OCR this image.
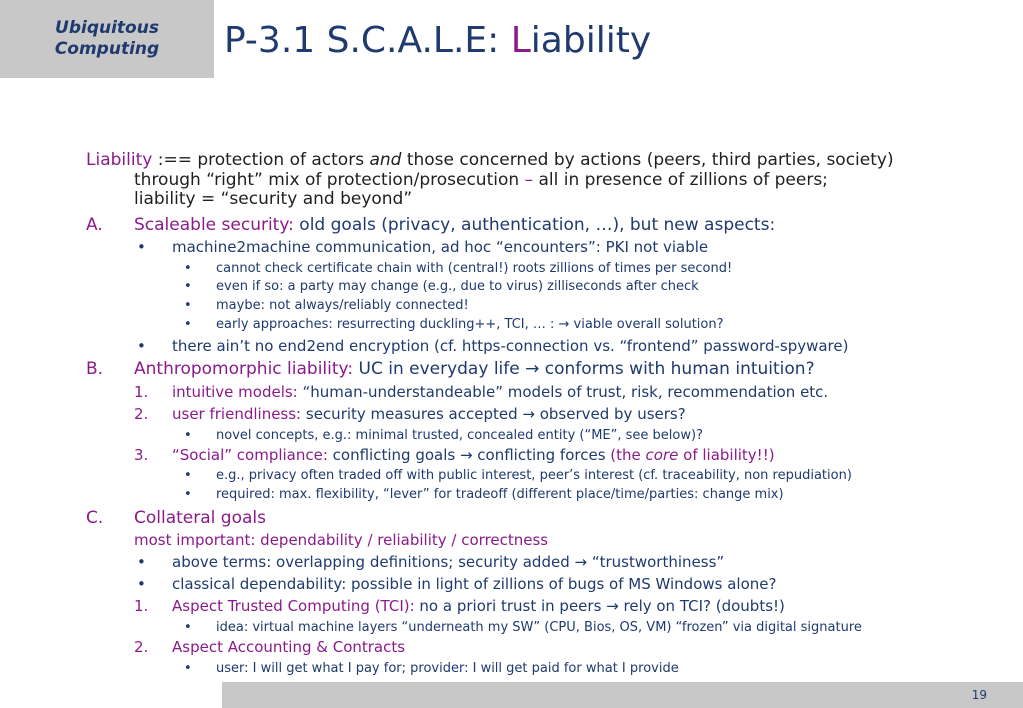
Ubiquitous
Computing P-3.1 S.C.A.L.E: Liability
Liability :== protection of actors and those concerned by actions (peers, third parties, society)
through “right” mix of protection/prosecution – all in presence of zillions of peers;
liability = “security and beyond”
A. Scaleable security: old goals (privacy, authentication, …), but new aspects:
• machine2machine communication, ad hoc “encounters”: PKI not viable
• cannot check certificate chain with (central!) roots zillions of times per second!
• even if so: a party may change (e.g., due to virus) zilliseconds after check
• maybe: not always/reliably connected!
• early approaches: resurrecting duckling++, TCI, … : → viable overall solution?
• there ain’t no end2end encryption (cf. https-connection vs. “frontend” password-spyware)
B. Anthropomorphic liability: UC in everyday life → conforms with human intuition?
1. intuitive models: “human-understandeable” models of trust, risk, recommendation etc.
2. user friendliness: security measures accepted → observed by users?
• novel concepts, e.g.: minimal trusted, concealed entity (“ME”, see below)?
3. “Social” compliance: conflicting goals → conflicting forces (the core of liability!!)
• e.g., privacy often traded off with public interest, peer’s interest (cf. traceability, non repudiation)
• required: max. flexibility, “lever” for tradeoff (different place/time/parties: change mix)
C. Collateral goals
most important: dependability / reliability / correctness
• above terms: overlapping definitions; security added → “trustworthiness”
• classical dependability: possible in light of zillions of bugs of MS Windows alone?
1. Aspect Trusted Computing (TCI): no a priori trust in peers → rely on TCI? (doubts!)
• idea: virtual machine layers “underneath my SW” (CPU, Bios, OS, VM) “frozen” via digital signature
2. Aspect Accounting & Contracts
• user: I will get what I pay for; provider: I will get paid for what I provide
19
